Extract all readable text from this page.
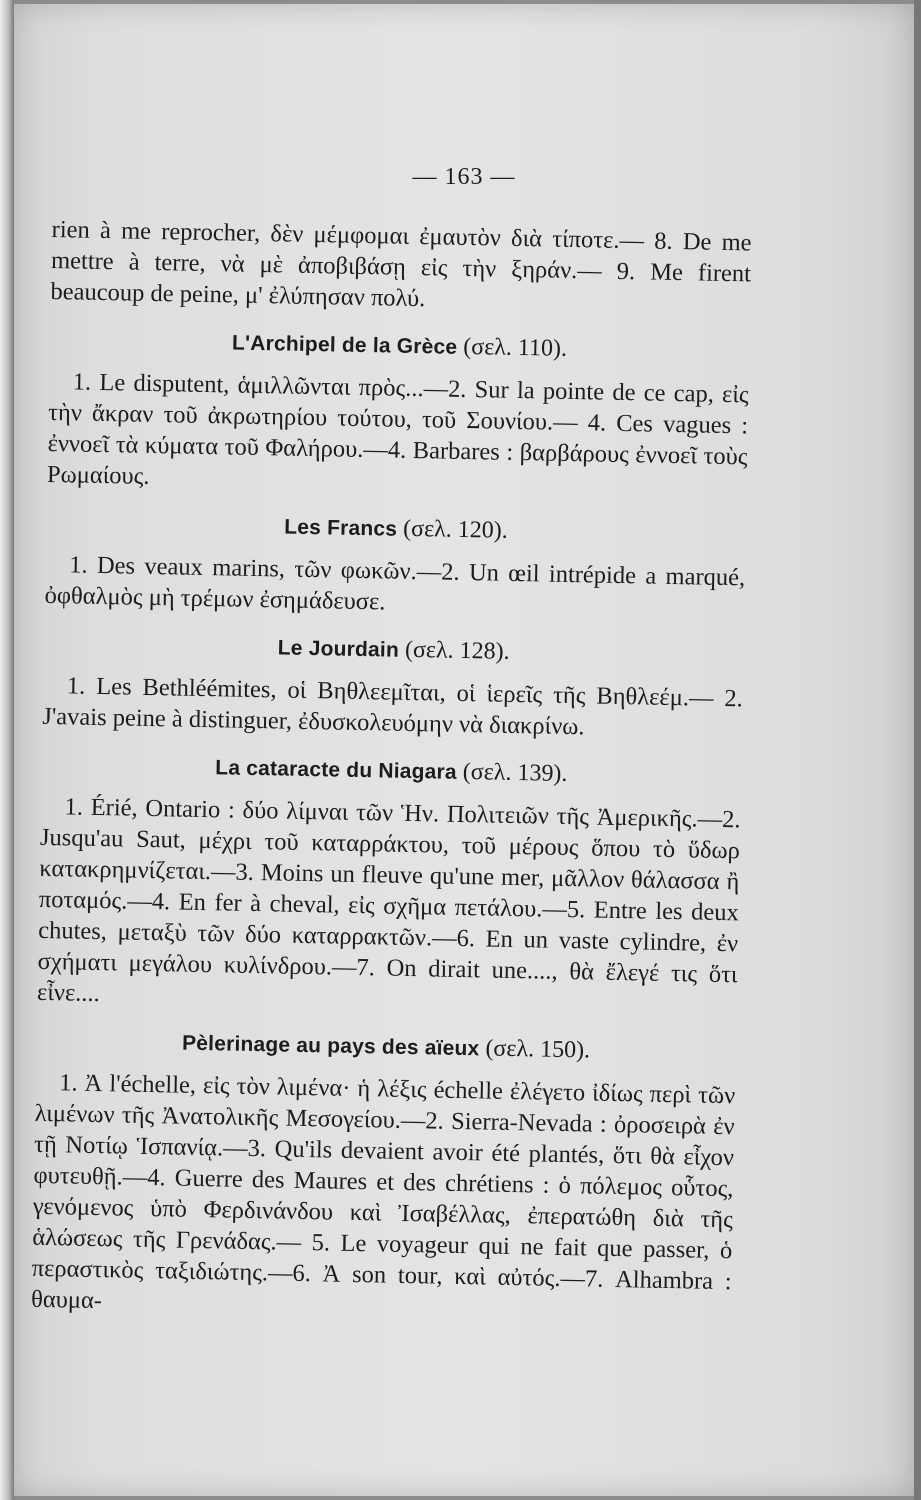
— 163 —

rien à me reprocher, δὲν μέμφομαι ἐμαυτὸν διὰ τίποτε.— 8. De me mettre à terre, νὰ μὲ ἀποβιβάσῃ εἰς τὴν ξηράν.— 9. Me firent beaucoup de peine, μ' ἐλύπησαν πολύ.

L'Archipel de la Grèce (σελ. 110).

1. Le disputent, ἁμιλλῶνται πρὸς...—2. Sur la pointe de ce cap, εἰς τὴν ἄκραν τοῦ ἀκρωτηρίου τούτου, τοῦ Σουνίου.— 4. Ces vagues : ἐννοεῖ τὰ κύματα τοῦ Φαλήρου.—4. Barbares : βαρβάρους ἐννοεῖ τοὺς Ρωμαίους.

Les Francs (σελ. 120).

1. Des veaux marins, τῶν φωκῶν.—2. Un œil intrépide a marqué, ὀφθαλμὸς μὴ τρέμων ἐσημάδευσε.

Le Jourdain (σελ. 128).

1. Les Bethléémites, οἱ Βηθλεεμῖται, οἱ ἱερεῖς τῆς Βηθλεέμ.— 2. J'avais peine à distinguer, ἐδυσκολευόμην νὰ διακρίνω.

La cataracte du Niagara (σελ. 139).

1. Érié, Ontario : δύο λίμναι τῶν Ἡν. Πολιτειῶν τῆς Ἀμερικῆς.—2. Jusqu'au Saut, μέχρι τοῦ καταρράκτου, τοῦ μέρους ὅπου τὸ ὕδωρ κατακρημνίζεται.—3. Moins un fleuve qu'une mer, μᾶλλον θάλασσα ἢ ποταμός.—4. En fer à cheval, εἰς σχῆμα πετάλου.—5. Entre les deux chutes, μεταξὺ τῶν δύο καταρρακτῶν.—6. En un vaste cylindre, ἐν σχήματι μεγάλου κυλίνδρου.—7. On dirait une...., θὰ ἔλεγέ τις ὅτι εἶνε....

Pèlerinage au pays des aïeux (σελ. 150).

1. Ἀ l'échelle, εἰς τὸν λιμένα· ἡ λέξις échelle ἐλέγετο ἰδίως περὶ τῶν λιμένων τῆς Ἀνατολικῆς Μεσογείου.—2. Sierra-Nevada : ὀροσειρὰ ἐν τῇ Νοτίῳ Ἱσπανίᾳ.—3. Qu'ils devaient avoir été plantés, ὅτι θὰ εἶχον φυτευθῇ.—4. Guerre des Maures et des chrétiens : ὁ πόλεμος οὗτος, γενόμενος ὑπὸ Φερδινάνδου καὶ Ἰσαβέλλας, ἐπερατώθη διὰ τῆς ἁλώσεως τῆς Γρενάδας.— 5. Le voyageur qui ne fait que passer, ὁ περαστικὸς ταξιδιώτης.—6. Ἀ son tour, καὶ αὐτός.—7. Alhambra : θαυμα-
